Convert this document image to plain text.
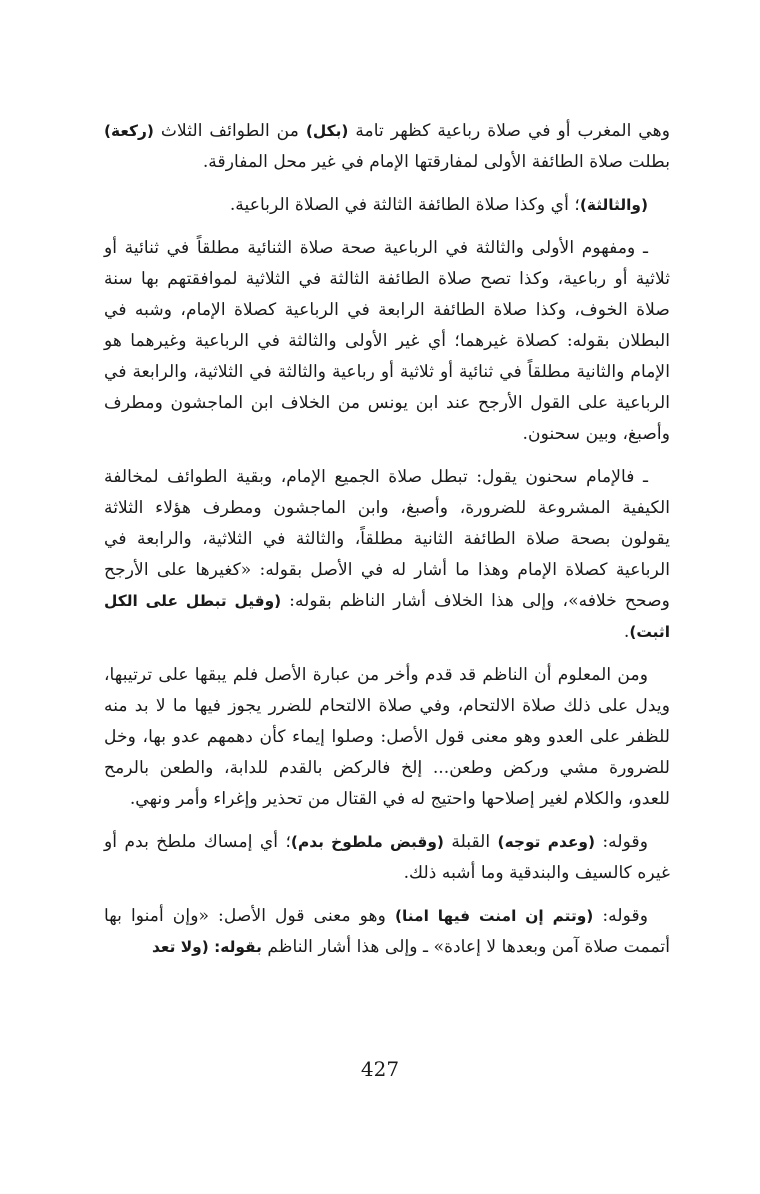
وهي المغرب أو في صلاة رباعية كظهر تامة (بكل) من الطوائف الثلاث (ركعة) بطلت صلاة الطائفة الأولى لمفارقتها الإمام في غير محل المفارقة.

(والثالثة)؛ أي وكذا صلاة الطائفة الثالثة في الصلاة الرباعية.

ـ ومفهوم الأولى والثالثة في الرباعية صحة صلاة الثنائية مطلقاً في ثنائية أو ثلاثية أو رباعية، وكذا تصح صلاة الطائفة الثالثة في الثلاثية لموافقتهم بها سنة صلاة الخوف، وكذا صلاة الطائفة الرابعة في الرباعية كصلاة الإمام، وشبه في البطلان بقوله: كصلاة غيرهما؛ أي غير الأولى والثالثة في الرباعية وغيرهما هو الإمام والثانية مطلقاً في ثنائية أو ثلاثية أو رباعية والثالثة في الثلاثية، والرابعة في الرباعية على القول الأرجح عند ابن يونس من الخلاف ابن الماجشون ومطرف وأصبغ، وبين سحنون.

ـ فالإمام سحنون يقول: تبطل صلاة الجميع الإمام، وبقية الطوائف لمخالفة الكيفية المشروعة للضرورة، وأصبغ، وابن الماجشون ومطرف هؤلاء الثلاثة يقولون بصحة صلاة الطائفة الثانية مطلقاً، والثالثة في الثلاثية، والرابعة في الرباعية كصلاة الإمام وهذا ما أشار له في الأصل بقوله: «كغيرها على الأرجح وصحح خلافه»، وإلى هذا الخلاف أشار الناظم بقوله: (وقيل تبطل على الكل اثبت).

ومن المعلوم أن الناظم قد قدم وأخر من عبارة الأصل فلم يبقها على ترتيبها، ويدل على ذلك صلاة الالتحام، وفي صلاة الالتحام للضرر يجوز فيها ما لا بد منه للظفر على العدو وهو معنى قول الأصل: وصلوا إيماء كأن دهمهم عدو بها، وخل للضرورة مشي وركض وطعن... إلخ فالركض بالقدم للدابة، والطعن بالرمح للعدو، والكلام لغير إصلاحها واحتيج له في القتال من تحذير وإغراء وأمر ونهي.

وقوله: (وعدم توجه) القبلة (وقبض ملطوخ بدم)؛ أي إمساك ملطخ بدم أو غيره كالسيف والبندقية وما أشبه ذلك.

وقوله: (وتتم إن امنت فيها امنا) وهو معنى قول الأصل: «وإن أمنوا بها أتممت صلاة آمن وبعدها لا إعادة» ـ وإلى هذا أشار الناظم بقوله: (ولا تعد

427
